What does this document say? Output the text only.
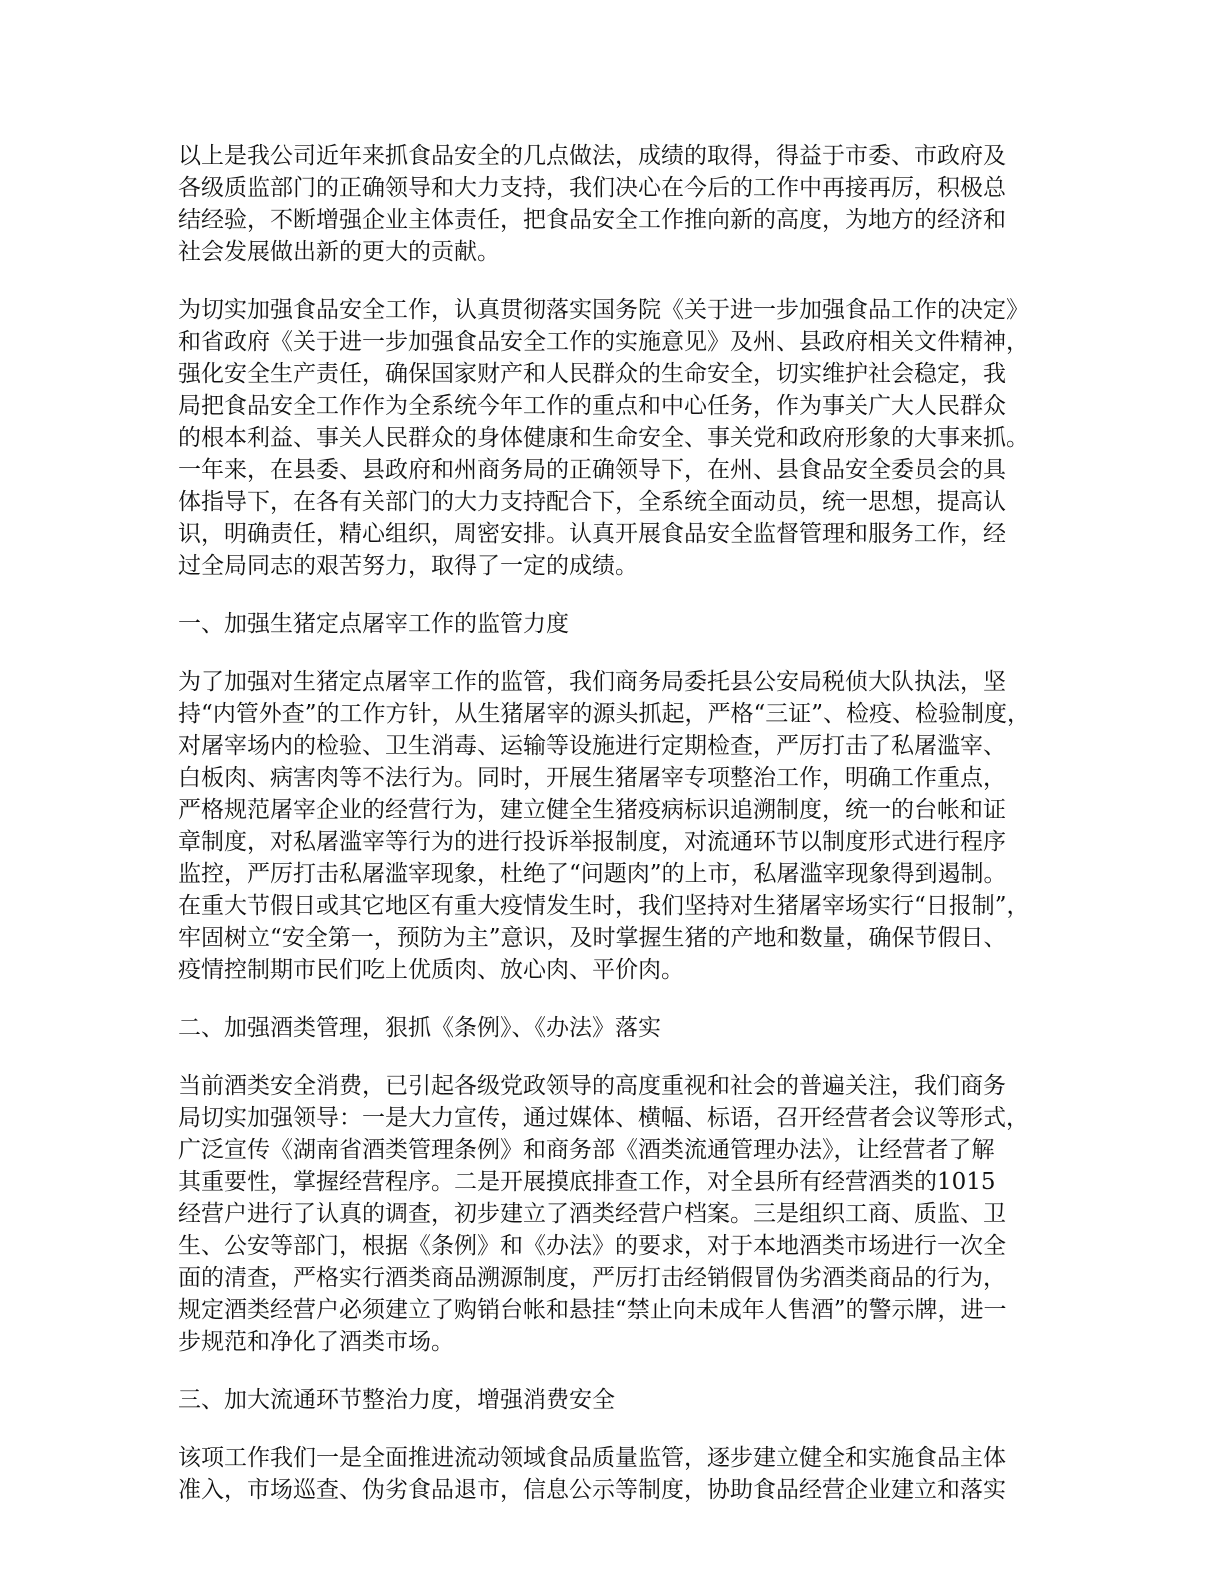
以上是我公司近年来抓食品安全的几点做法，成绩的取得，得益于市委、市政府及
各级质监部门的正确领导和大力支持，我们决心在今后的工作中再接再厉，积极总
结经验，不断增强企业主体责任，把食品安全工作推向新的高度，为地方的经济和
社会发展做出新的更大的贡献。
为切实加强食品安全工作，认真贯彻落实国务院《关于进一步加强食品工作的决定》
和省政府《关于进一步加强食品安全工作的实施意见》及州、县政府相关文件精神，
强化安全生产责任，确保国家财产和人民群众的生命安全，切实维护社会稳定，我
局把食品安全工作作为全系统今年工作的重点和中心任务，作为事关广大人民群众
的根本利益、事关人民群众的身体健康和生命安全、事关党和政府形象的大事来抓。
一年来，在县委、县政府和州商务局的正确领导下，在州、县食品安全委员会的具
体指导下，在各有关部门的大力支持配合下，全系统全面动员，统一思想，提高认
识，明确责任，精心组织，周密安排。认真开展食品安全监督管理和服务工作，经
过全局同志的艰苦努力，取得了一定的成绩。
一、加强生猪定点屠宰工作的监管力度
为了加强对生猪定点屠宰工作的监管，我们商务局委托县公安局税侦大队执法，坚
持“内管外查”的工作方针，从生猪屠宰的源头抓起，严格“三证”、检疫、检验制度，
对屠宰场内的检验、卫生消毒、运输等设施进行定期检查，严厉打击了私屠滥宰、
白板肉、病害肉等不法行为。同时，开展生猪屠宰专项整治工作，明确工作重点，
严格规范屠宰企业的经营行为，建立健全生猪疫病标识追溯制度，统一的台帐和证
章制度，对私屠滥宰等行为的进行投诉举报制度，对流通环节以制度形式进行程序
监控，严厉打击私屠滥宰现象，杜绝了“问题肉”的上市，私屠滥宰现象得到遏制。
在重大节假日或其它地区有重大疫情发生时，我们坚持对生猪屠宰场实行“日报制”，
牢固树立“安全第一，预防为主”意识，及时掌握生猪的产地和数量，确保节假日、
疫情控制期市民们吃上优质肉、放心肉、平价肉。
二、加强酒类管理，狠抓《条例》、《办法》落实
当前酒类安全消费，已引起各级党政领导的高度重视和社会的普遍关注，我们商务
局切实加强领导：一是大力宣传，通过媒体、横幅、标语，召开经营者会议等形式，
广泛宣传《湖南省酒类管理条例》和商务部《酒类流通管理办法》，让经营者了解
其重要性，掌握经营程序。二是开展摸底排查工作，对全县所有经营酒类的1015
经营户进行了认真的调查，初步建立了酒类经营户档案。三是组织工商、质监、卫
生、公安等部门，根据《条例》和《办法》的要求，对于本地酒类市场进行一次全
面的清查，严格实行酒类商品溯源制度，严厉打击经销假冒伪劣酒类商品的行为，
规定酒类经营户必须建立了购销台帐和悬挂“禁止向未成年人售酒”的警示牌，进一
步规范和净化了酒类市场。
三、加大流通环节整治力度，增强消费安全
该项工作我们一是全面推进流动领域食品质量监管，逐步建立健全和实施食品主体
准入，市场巡查、伪劣食品退市，信息公示等制度，协助食品经营企业建立和落实
